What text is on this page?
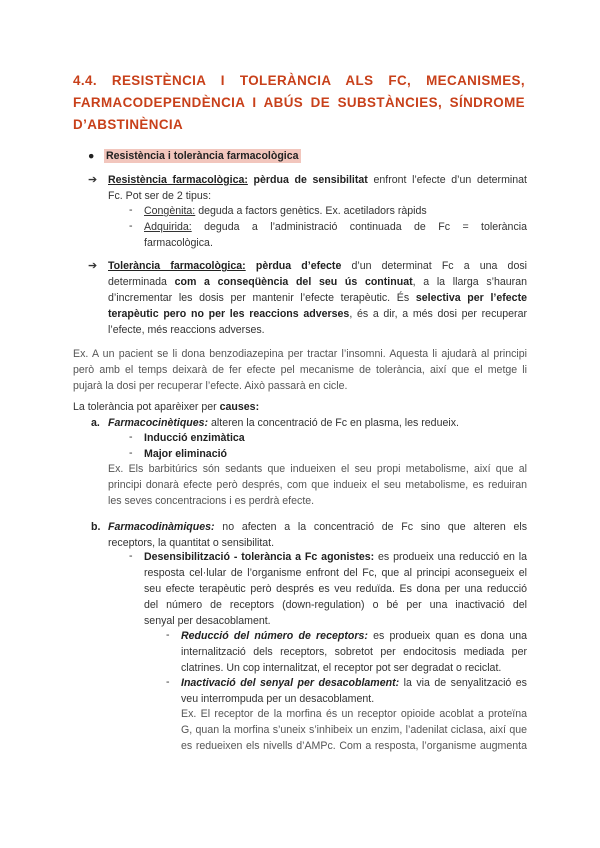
4.4. RESISTÈNCIA I TOLERÀNCIA ALS FC, MECANISMES,
FARMACODEPENDÈNCIA I ABÚS DE SUBSTÀNCIES, SÍNDROME
D’ABSTINÈNCIA
● Resistència i tolerància farmacològica
➔ Resistència farmacològica: pèrdua de sensibilitat enfront l’efecte d’un determinat
Fc. Pot ser de 2 tipus:
- Congènita: deguda a factors genètics. Ex. acetiladors ràpids
- Adquirida: deguda a l’administració continuada de Fc = tolerància
farmacològica.
➔ Tolerància farmacològica: pèrdua d’efecte d’un determinat Fc a una dosi
determinada com a conseqüència del seu ús continuat, a la llarga s’hauran
d’incrementar les dosis per mantenir l’efecte terapèutic. És selectiva per l’efecte
terapèutic pero no per les reaccions adverses, és a dir, a més dosi per recuperar
l’efecte, més reaccions adverses.
Ex. A un pacient se li dona benzodiazepina per tractar l’insomni. Aquesta li ajudarà al principi
però amb el temps deixarà de fer efecte pel mecanisme de tolerància, així que el metge li
pujarà la dosi per recuperar l’efecte. Això passarà en cicle.
La tolerància pot aparèixer per causes:
a. Farmacocinètiques: alteren la concentració de Fc en plasma, les redueix.
- Inducció enzimàtica
- Major eliminació
Ex. Els barbitúrics són sedants que indueixen el seu propi metabolisme, així que al
principi donarà efecte però després, com que indueix el seu metabolisme, es reduiran
les seves concentracions i es perdrà efecte.
b. Farmacodinàmiques: no afecten a la concentració de Fc sino que alteren els
receptors, la quantitat o sensibilitat.
- Desensibilització - tolerància a Fc agonistes: es produeix una reducció en la
resposta cel·lular de l’organisme enfront del Fc, que al principi aconsegueix el
seu efecte terapèutic però després es veu reduïda. Es dona per una reducció
del número de receptors (down-regulation) o bé per una inactivació del
senyal per desacoblament.
- Reducció del número de receptors: es produeix quan es dona una
internalització dels receptors, sobretot per endocitosis mediada per
clatrines. Un cop internalitzat, el receptor pot ser degradat o reciclat.
- Inactivació del senyal per desacoblament: la via de senyalització es
veu interrompuda per un desacoblament.
Ex. El receptor de la morfina és un receptor opioide acoblat a proteïna
G, quan la morfina s’uneix s’inhibeix un enzim, l’adenilat ciclasa, així que
es redueixen els nivells d’AMPc. Com a resposta, l’organisme augmenta
